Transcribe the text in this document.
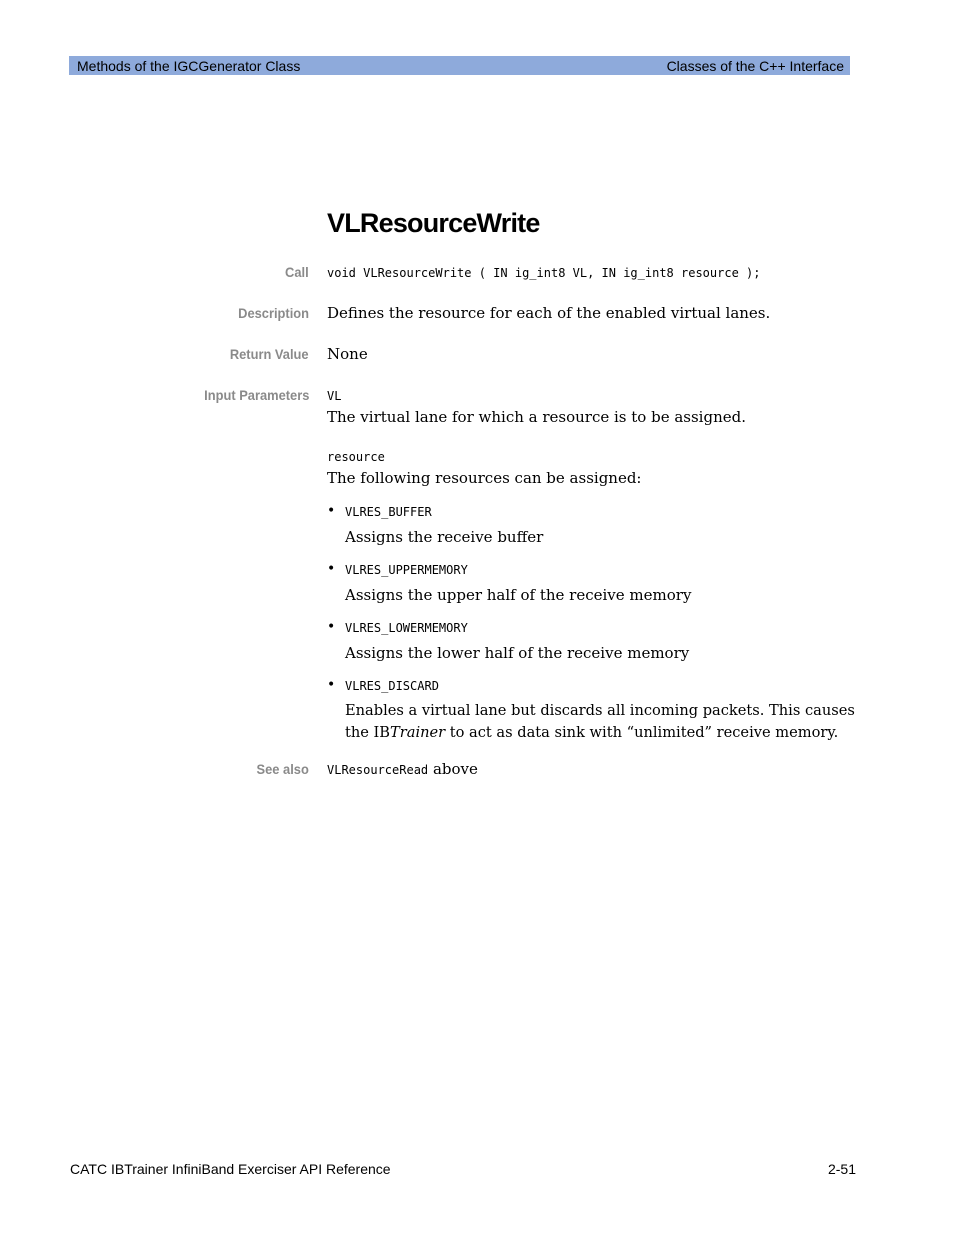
Methods of the IGCGenerator Class	Classes of the C++ Interface
VLResourceWrite
Call void VLResourceWrite ( IN ig_int8 VL, IN ig_int8 resource );
Description Defines the resource for each of the enabled virtual lanes.
Return Value None
Input Parameters VL
The virtual lane for which a resource is to be assigned.
resource
The following resources can be assigned:
• VLRES_BUFFER
Assigns the receive buffer
• VLRES_UPPERMEMORY
Assigns the upper half of the receive memory
• VLRES_LOWERMEMORY
Assigns the lower half of the receive memory
• VLRES_DISCARD
Enables a virtual lane but discards all incoming packets. This causes
the IBTrainer to act as data sink with “unlimited” receive memory.
See also VLResourceRead above
CATC IBTrainer InfiniBand Exerciser API Reference	2-51
